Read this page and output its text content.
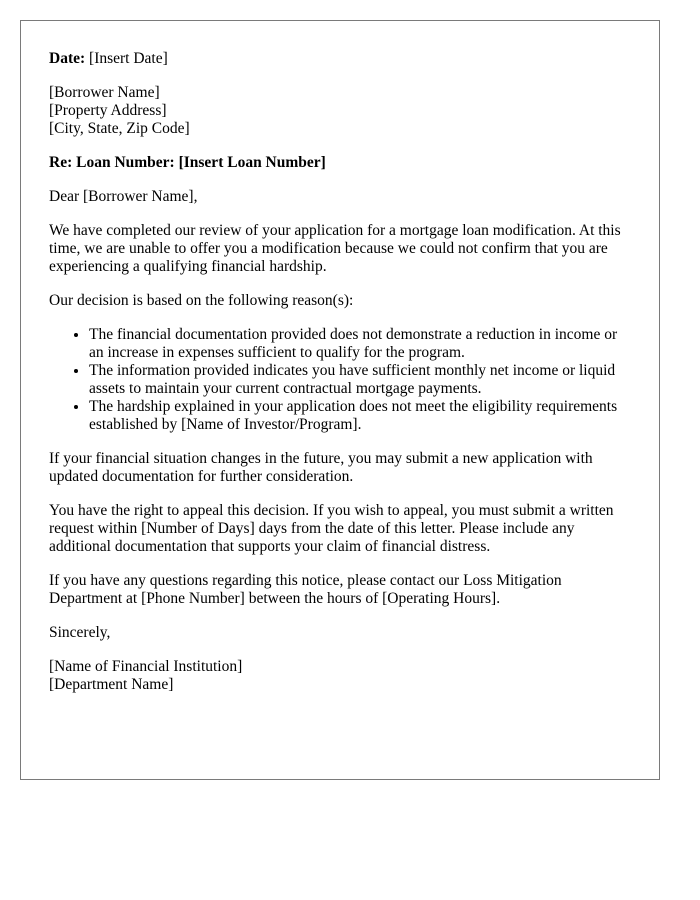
Date: [Insert Date]

[Borrower Name]
[Property Address]
[City, State, Zip Code]

Re: Loan Number: [Insert Loan Number]

Dear [Borrower Name],

We have completed our review of your application for a mortgage loan modification. At this time, we are unable to offer you a modification because we could not confirm that you are experiencing a qualifying financial hardship.

Our decision is based on the following reason(s):

• The financial documentation provided does not demonstrate a reduction in income or an increase in expenses sufficient to qualify for the program.
• The information provided indicates you have sufficient monthly net income or liquid assets to maintain your current contractual mortgage payments.
• The hardship explained in your application does not meet the eligibility requirements established by [Name of Investor/Program].

If your financial situation changes in the future, you may submit a new application with updated documentation for further consideration.

You have the right to appeal this decision. If you wish to appeal, you must submit a written request within [Number of Days] days from the date of this letter. Please include any additional documentation that supports your claim of financial distress.

If you have any questions regarding this notice, please contact our Loss Mitigation Department at [Phone Number] between the hours of [Operating Hours].

Sincerely,

[Name of Financial Institution]
[Department Name]
